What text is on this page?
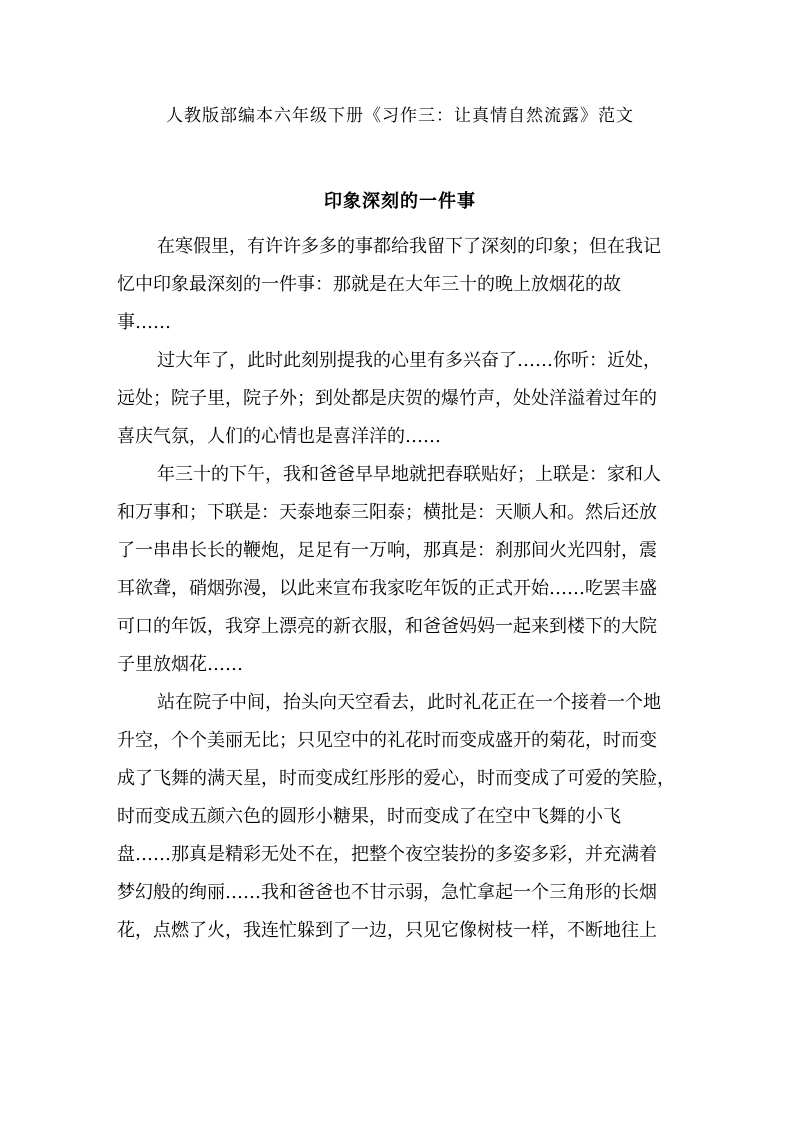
人教版部编本六年级下册《习作三：让真情自然流露》范文
印象深刻的一件事
在寒假里，有许许多多的事都给我留下了深刻的印象；但在我记
忆中印象最深刻的一件事：那就是在大年三十的晚上放烟花的故
事……
过大年了，此时此刻别提我的心里有多兴奋了……你听：近处，
远处；院子里，院子外；到处都是庆贺的爆竹声，处处洋溢着过年的
喜庆气氛，人们的心情也是喜洋洋的……
年三十的下午，我和爸爸早早地就把春联贴好；上联是：家和人
和万事和；下联是：天泰地泰三阳泰；横批是：天顺人和。然后还放
了一串串长长的鞭炮，足足有一万响，那真是：刹那间火光四射，震
耳欲聋，硝烟弥漫，以此来宣布我家吃年饭的正式开始……吃罢丰盛
可口的年饭，我穿上漂亮的新衣服，和爸爸妈妈一起来到楼下的大院
子里放烟花……
站在院子中间，抬头向天空看去，此时礼花正在一个接着一个地
升空，个个美丽无比；只见空中的礼花时而变成盛开的菊花，时而变
成了飞舞的满天星，时而变成红彤彤的爱心，时而变成了可爱的笑脸，
时而变成五颜六色的圆形小糖果，时而变成了在空中飞舞的小飞
盘……那真是精彩无处不在，把整个夜空装扮的多姿多彩，并充满着
梦幻般的绚丽……我和爸爸也不甘示弱，急忙拿起一个三角形的长烟
花，点燃了火，我连忙躲到了一边，只见它像树枝一样，不断地往上
